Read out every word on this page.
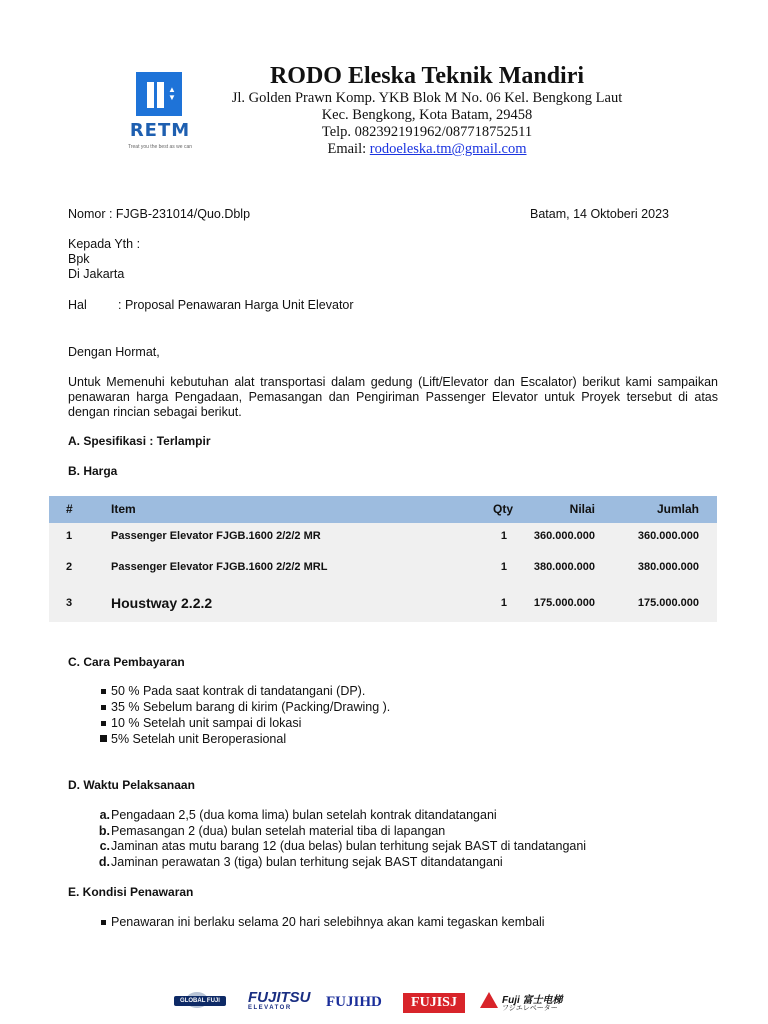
▲
▼
RETM
Treat you the best as we can
RODO Eleska Teknik Mandiri
Jl. Golden Prawn Komp. YKB Blok M No. 06 Kel. Bengkong Laut
Kec. Bengkong, Kota Batam, 29458
Telp. 082392191962/087718752511
Email: rodoeleska.tm@gmail.com
Nomor : FJGB-231014/Quo.Dblp	Batam, 14 Oktoberi 2023
Kepada Yth :
Bpk
Di Jakarta
Hal : Proposal Penawaran Harga Unit Elevator
Dengan Hormat,
Untuk Memenuhi kebutuhan alat transportasi dalam gedung (Lift/Elevator dan Escalator) berikut kami sampaikan penawaran harga Pengadaan, Pemasangan dan Pengiriman Passenger Elevator untuk Proyek tersebut di atas dengan rincian sebagai berikut.
A. Spesifikasi : Terlampir
B. Harga
#	Item	Qty	Nilai	Jumlah
1	Passenger Elevator FJGB.1600 2/2/2 MR	1	360.000.000	360.000.000
2	Passenger Elevator FJGB.1600 2/2/2 MRL	1	380.000.000	380.000.000
3	Houstway 2.2.2	1	175.000.000	175.000.000
C. Cara Pembayaran
50 % Pada saat kontrak di tandatangani (DP).
35 % Sebelum barang di kirim (Packing/Drawing ).
10 % Setelah unit sampai di lokasi
5% Setelah unit Beroperasional
D. Waktu Pelaksanaan
a.Pengadaan 2,5 (dua koma lima) bulan setelah kontrak ditandatangani
b.Pemasangan 2 (dua) bulan setelah material tiba di lapangan
c.Jaminan atas mutu barang 12 (dua belas) bulan terhitung sejak BAST di tandatangani
d.Jaminan perawatan 3 (tiga) bulan terhitung sejak BAST ditandatangani
E. Kondisi Penawaran
Penawaran ini berlaku selama 20 hari selebihnya akan kami tegaskan kembali
GLOBAL FUJI	FUJITSU
ELEVATOR	FUJIHD	FUJISJ	Fuji 富士电梯
フジエレベーター
